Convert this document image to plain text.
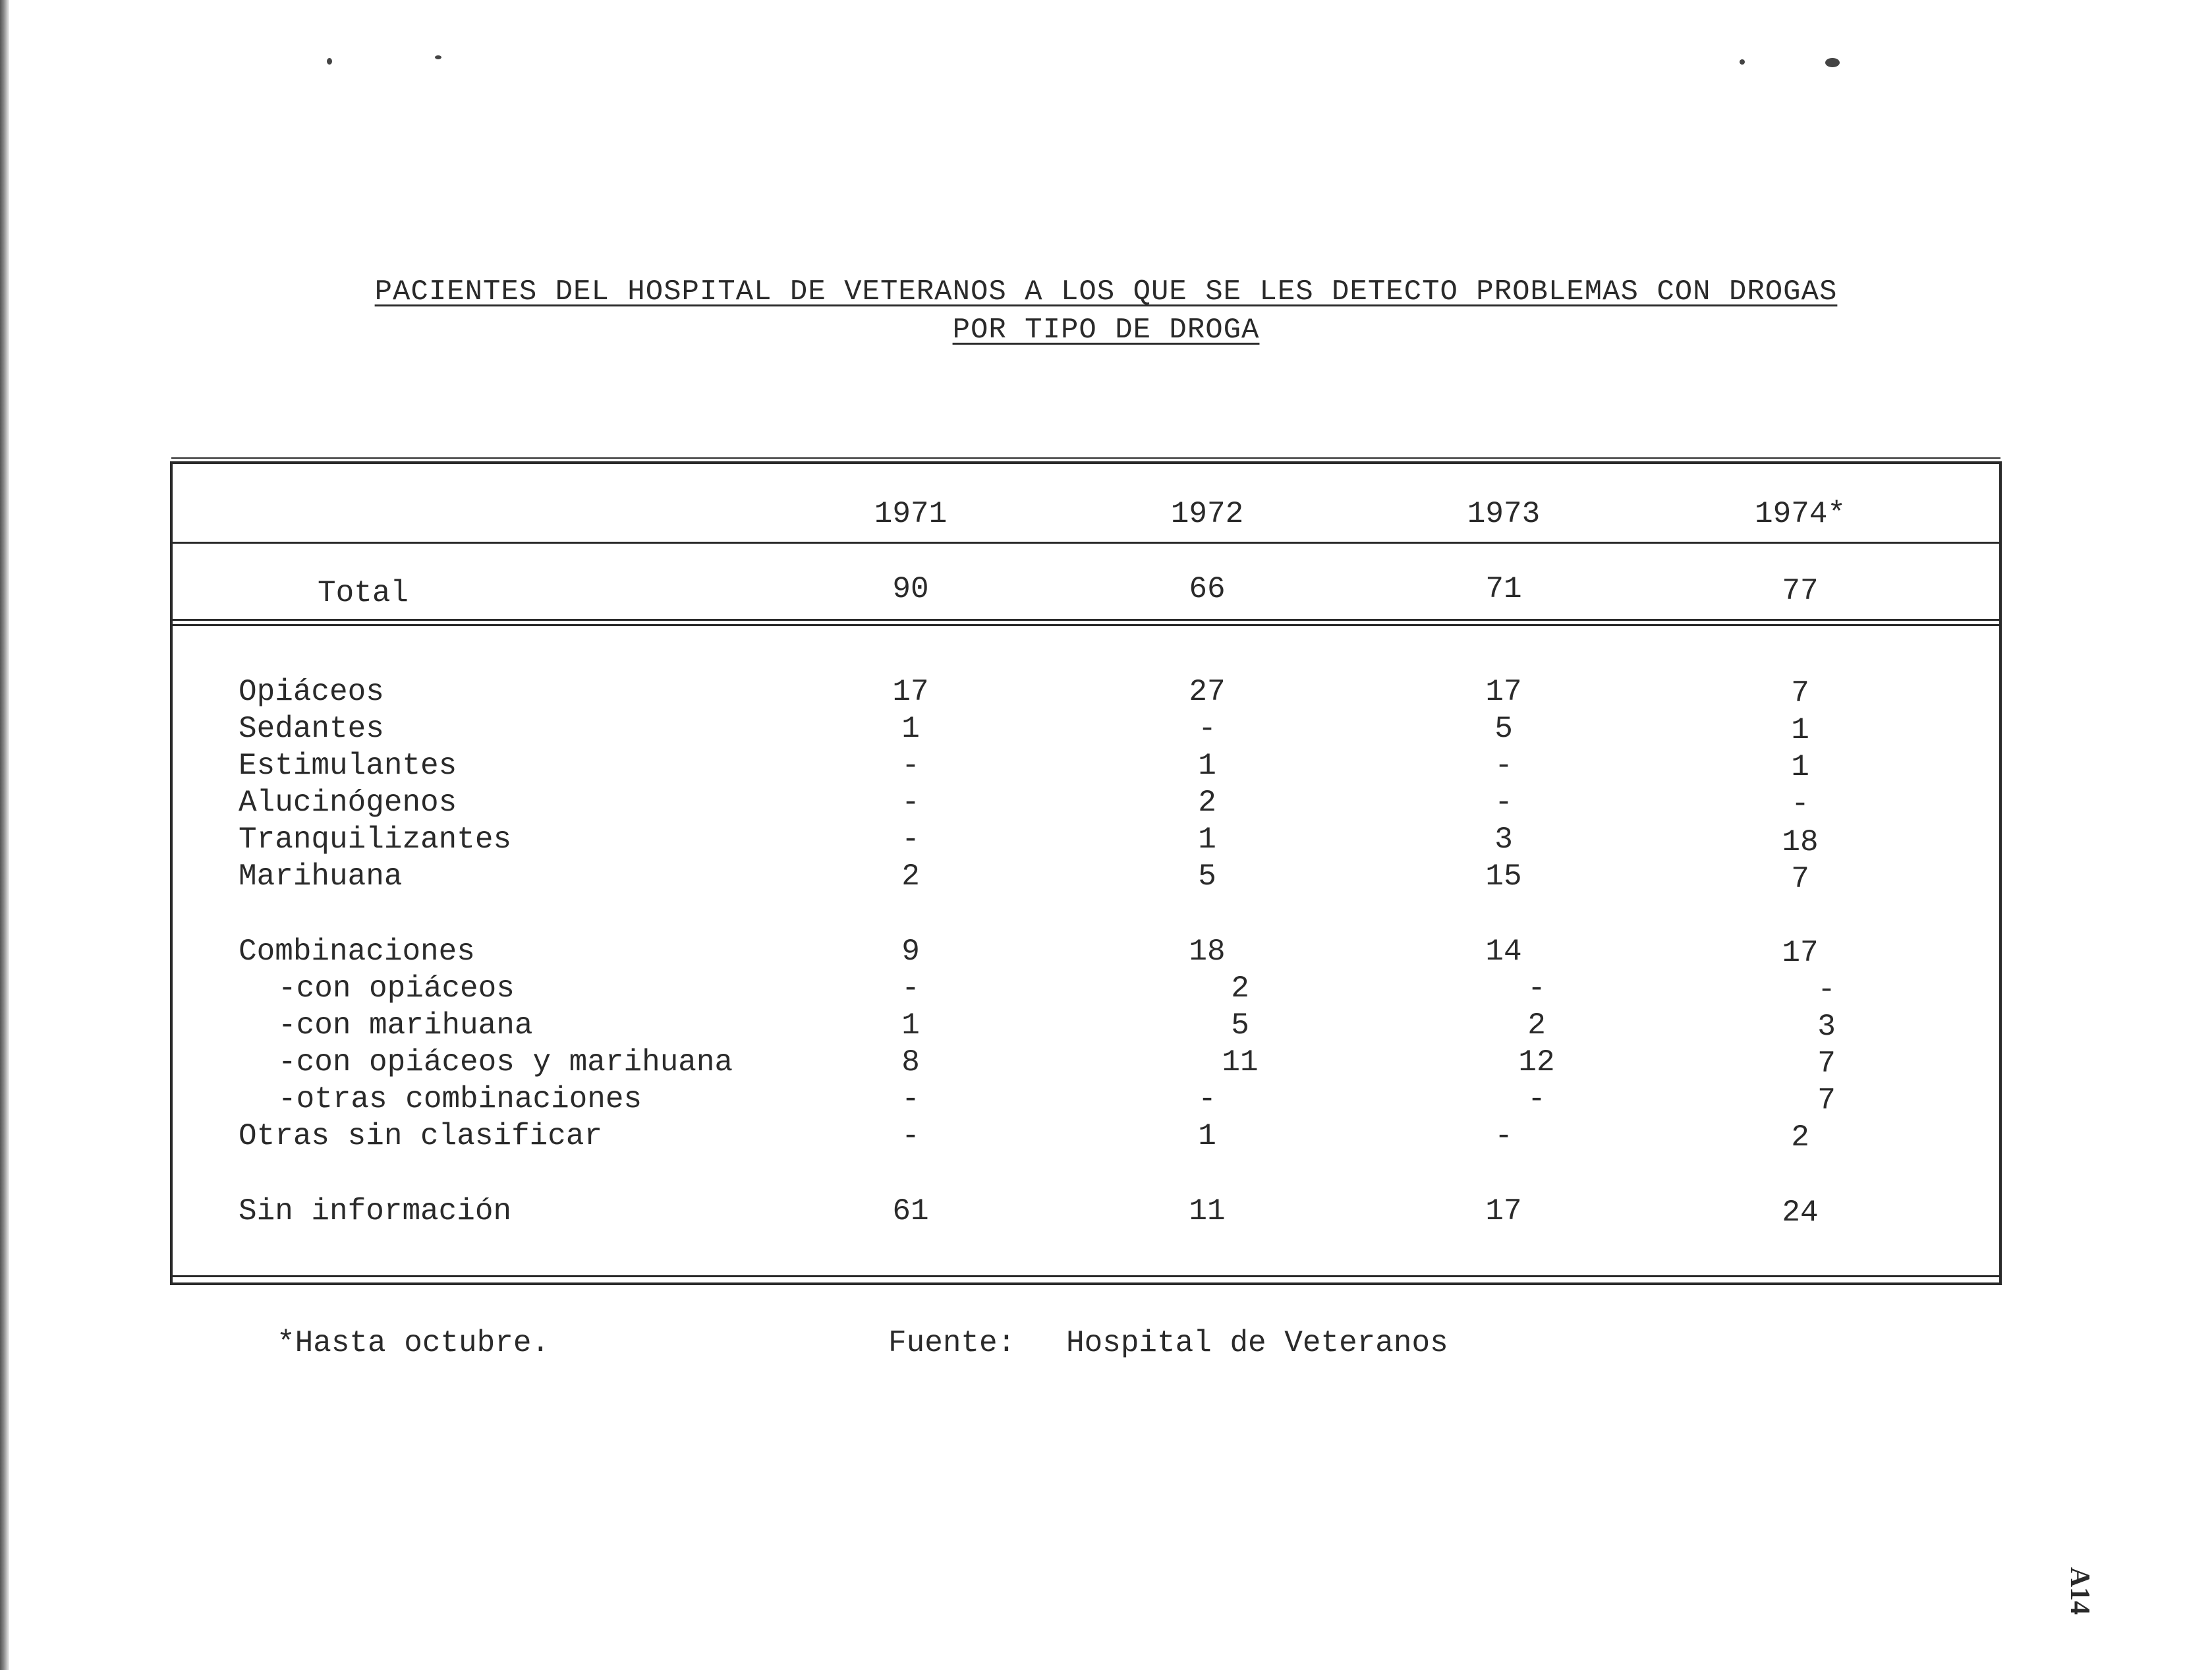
PACIENTES DEL HOSPITAL DE VETERANOS A LOS QUE SE LES DETECTO PROBLEMAS CON DROGAS
POR TIPO DE DROGA
1971	1972	1973	1974*
Total	90	66	71	77
Opiáceos	17	27	17	7
Sedantes	1	-	5	1
Estimulantes	-	1	-	1
Alucinógenos	-	2	-	-
Tranquilizantes	-	1	3	18
Marihuana	2	5	15	7
Combinaciones	9	18	14	17
-con opiáceos	-	2	-	-
-con marihuana	1	5	2	3
-con opiáceos y marihuana	8	11	12	7
-otras combinaciones	-	-	-	7
Otras sin clasificar	-	1	-	2
Sin información	61	11	17	24
*Hasta octubre.	Fuente: Hospital de Veteranos
A14
